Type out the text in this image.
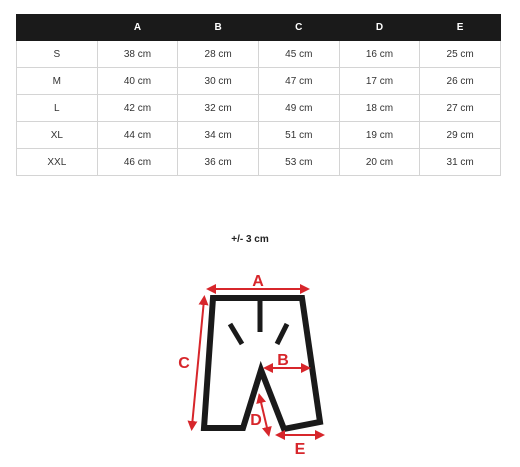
	A	B	C	D	E
S	38 cm	28 cm	45 cm	16 cm	25 cm
M	40 cm	30 cm	47 cm	17 cm	26 cm
L	42 cm	32 cm	49 cm	18 cm	27 cm
XL	44 cm	34 cm	51 cm	19 cm	29 cm
XXL	46 cm	36 cm	53 cm	20 cm	31 cm
+/- 3 cm
A
C	B
D
E
